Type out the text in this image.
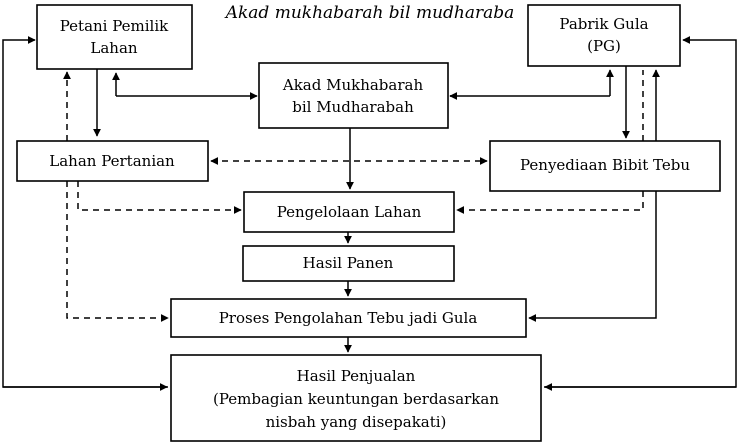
Akad mukhabarah bil mudharaba
Petani Pemilik
Lahan
Pabrik Gula
(PG)
Akad Mukhabarah
bil Mudharabah
Lahan Pertanian	Penyediaan Bibit Tebu
Pengelolaan Lahan
Hasil Panen
Proses Pengolahan Tebu jadi Gula
Hasil Penjualan
(Pembagian keuntungan berdasarkan
nisbah yang disepakati)
